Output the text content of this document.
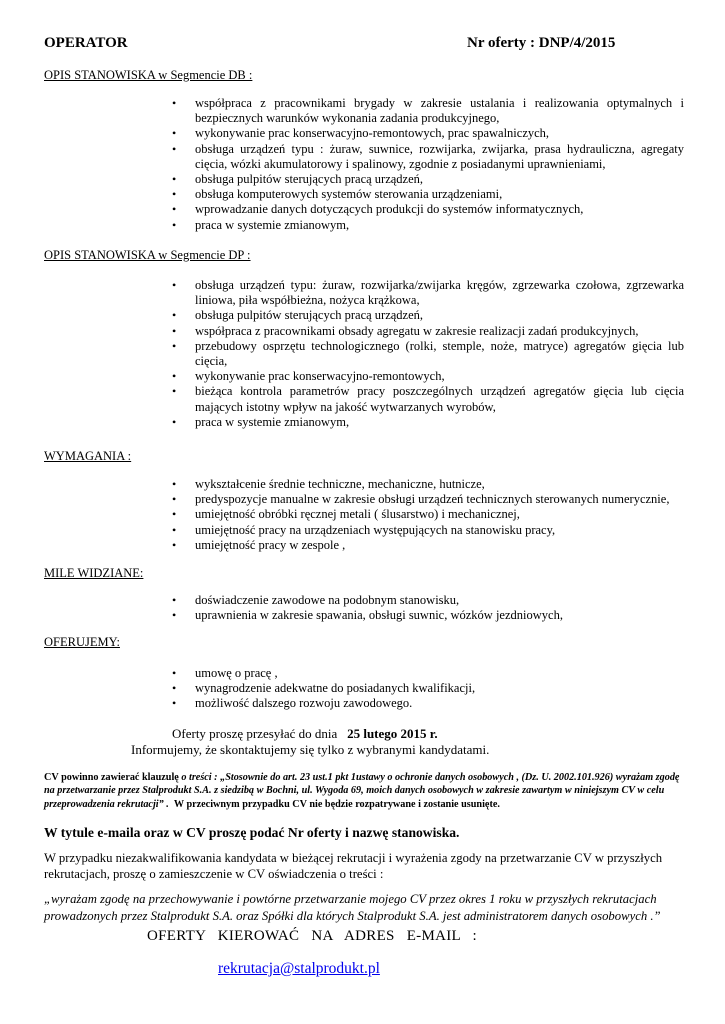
OPERATOR	Nr oferty : DNP/4/2015
OPIS STANOWISKA w Segmencie DB :
• współpraca z pracownikami brygady w zakresie ustalania i realizowania optymalnych i bezpiecznych warunków wykonania zadania produkcyjnego,
• wykonywanie prac konserwacyjno-remontowych, prac spawalniczych,
• obsługa urządzeń typu : żuraw, suwnice, rozwijarka, zwijarka, prasa hydrauliczna, agregaty cięcia, wózki akumulatorowy i spalinowy, zgodnie z posiadanymi uprawnieniami,
• obsługa pulpitów sterujących pracą urządzeń,
• obsługa komputerowych systemów sterowania urządzeniami,
• wprowadzanie danych dotyczących produkcji do systemów informatycznych,
• praca w systemie zmianowym,
OPIS STANOWISKA w Segmencie DP :
• obsługa urządzeń typu: żuraw, rozwijarka/zwijarka kręgów, zgrzewarka czołowa, zgrzewarka liniowa, piła współbieżna, nożyca krążkowa,
• obsługa pulpitów sterujących pracą urządzeń,
• współpraca z pracownikami obsady agregatu w zakresie realizacji zadań produkcyjnych,
• przebudowy osprzętu technologicznego (rolki, stemple, noże, matryce) agregatów gięcia lub cięcia,
• wykonywanie prac konserwacyjno-remontowych,
• bieżąca kontrola parametrów pracy poszczególnych urządzeń agregatów gięcia lub cięcia mających istotny wpływ na jakość wytwarzanych wyrobów,
• praca w systemie zmianowym,
WYMAGANIA :
• wykształcenie średnie techniczne, mechaniczne, hutnicze,
• predyspozycje manualne w zakresie obsługi urządzeń technicznych sterowanych numerycznie,
• umiejętność obróbki ręcznej metali ( ślusarstwo) i mechanicznej,
• umiejętność pracy na urządzeniach występujących na stanowisku pracy,
• umiejętność pracy w zespole ,
MILE WIDZIANE:
• doświadczenie zawodowe na podobnym stanowisku,
• uprawnienia w zakresie spawania, obsługi suwnic, wózków jezdniowych,
OFERUJEMY:
• umowę o pracę ,
• wynagrodzenie adekwatne do posiadanych kwalifikacji,
• możliwość dalszego rozwoju zawodowego.
Oferty proszę przesyłać do dnia 25 lutego 2015 r.
Informujemy, że skontaktujemy się tylko z wybranymi kandydatami.
CV powinno zawierać klauzulę o treści : „Stosownie do art. 23 ust.1 pkt 1ustawy o ochronie danych osobowych , (Dz. U. 2002.101.926) wyrażam zgodę na przetwarzanie przez Stalprodukt S.A. z siedzibą w Bochni, ul. Wygoda 69, moich danych osobowych w zakresie zawartym w niniejszym CV w celu przeprowadzenia rekrutacji” . W przeciwnym przypadku CV nie będzie rozpatrywane i zostanie usunięte.
W tytule e-maila oraz w CV proszę podać Nr oferty i nazwę stanowiska.
W przypadku niezakwalifikowania kandydata w bieżącej rekrutacji i wyrażenia zgody na przetwarzanie CV w przyszłych rekrutacjach, proszę o zamieszczenie w CV oświadczenia o treści :
„wyrażam zgodę na przechowywanie i powtórne przetwarzanie mojego CV przez okres 1 roku w przyszłych rekrutacjach prowadzonych przez Stalprodukt S.A. oraz Spółki dla których Stalprodukt S.A. jest administratorem danych osobowych .”
OFERTY KIEROWAĆ NA ADRES E-MAIL :
rekrutacja@stalprodukt.pl
